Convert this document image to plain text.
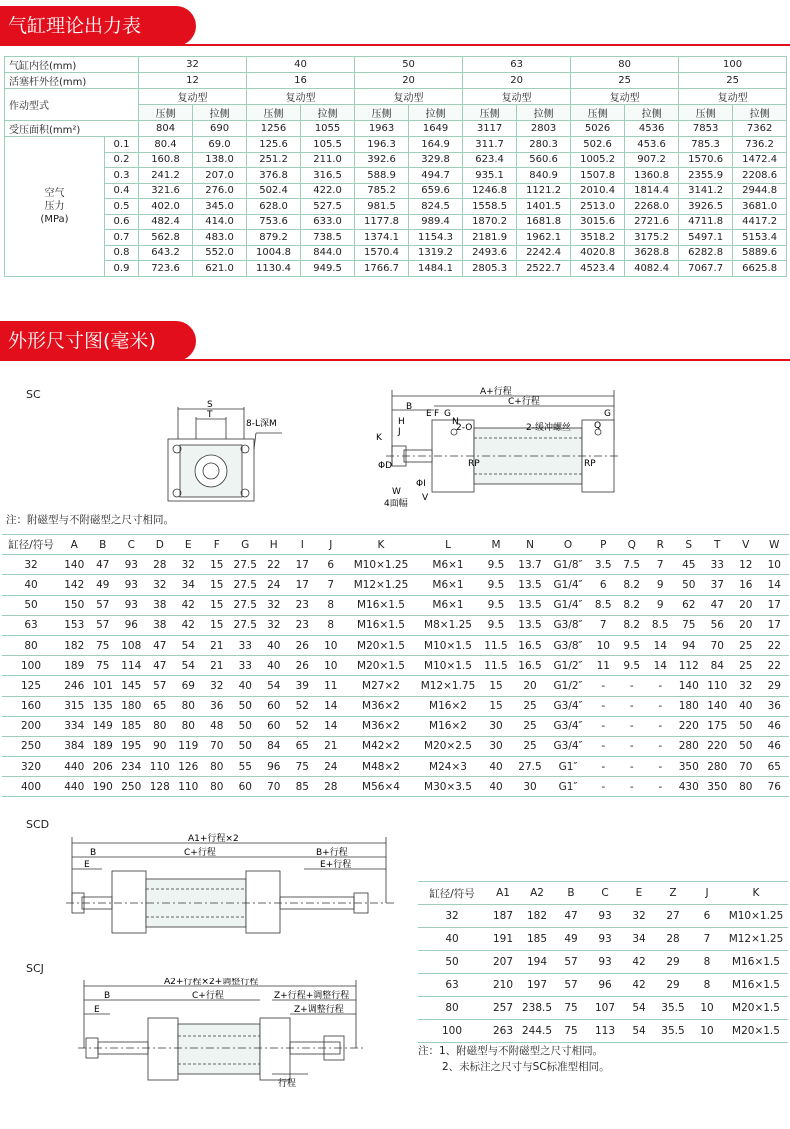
气缸理论出力表
气缸内径(mm)		32		40		50		63		80		100	
活塞杆外径(mm)		12		16		20		20		25		25	
作动型式		复动型		复动型		复动型		复动型		复动型		复动型	
		压侧	拉侧	压侧	拉侧	压侧	拉侧	压侧	拉侧	压侧	拉侧	压侧	拉侧
受压面积(mm²)		804	690	1256	1055	1963	1649	3117	2803	5026	4536	7853	7362
空气
压力
(MPa)	0.1	80.4	69.0	125.6	105.5	196.3	164.9	311.7	280.3	502.6	453.6	785.3	736.2
	0.2	160.8	138.0	251.2	211.0	392.6	329.8	623.4	560.6	1005.2	907.2	1570.6	1472.4
	0.3	241.2	207.0	376.8	316.5	588.9	494.7	935.1	840.9	1507.8	1360.8	2355.9	2208.6
	0.4	321.6	276.0	502.4	422.0	785.2	659.6	1246.8	1121.2	2010.4	1814.4	3141.2	2944.8
	0.5	402.0	345.0	628.0	527.5	981.5	824.5	1558.5	1401.5	2513.0	2268.0	3926.5	3681.0
	0.6	482.4	414.0	753.6	633.0	1177.8	989.4	1870.2	1681.8	3015.6	2721.6	4711.8	4417.2
	0.7	562.8	483.0	879.2	738.5	1374.1	1154.3	2181.9	1962.1	3518.2	3175.2	5497.1	5153.4
	0.8	643.2	552.0	1004.8	844.0	1570.4	1319.2	2493.6	2242.4	4020.8	3628.8	6282.8	5889.6
	0.9	723.6	621.0	1130.4	949.5	1766.7	1484.1	2805.3	2522.7	4523.4	4082.4	7067.7	6625.8
外形尺寸图(毫米)
SC
S
T
8-L深M
A+行程
C+行程
B
E F G	G
H
J
K
2-O
N
2-缓冲螺丝	Q
ΦD
ΦI
RP	RP
W
4面幅
V
注：附磁型与不附磁型之尺寸相同。
缸径/符号	A	B	C	D	E	F	G	H	I	J	K	L	M	N	O	P	Q	R	S	T	V	W
32	140	47	93	28	32	15	27.5	22	17	6	M10×1.25	M6×1	9.5	13.7	G1/8″	3.5	7.5	7	45	33	12	10
40	142	49	93	32	34	15	27.5	24	17	7	M12×1.25	M6×1	9.5	13.5	G1/4″	6	8.2	9	50	37	16	14
50	150	57	93	38	42	15	27.5	32	23	8	M16×1.5	M6×1	9.5	13.5	G1/4″	8.5	8.2	9	62	47	20	17
63	153	57	96	38	42	15	27.5	32	23	8	M16×1.5	M8×1.25	9.5	13.5	G3/8″	7	8.2	8.5	75	56	20	17
80	182	75	108	47	54	21	33	40	26	10	M20×1.5	M10×1.5	11.5	16.5	G3/8″	10	9.5	14	94	70	25	22
100	189	75	114	47	54	21	33	40	26	10	M20×1.5	M10×1.5	11.5	16.5	G1/2″	11	9.5	14	112	84	25	22
125	246	101	145	57	69	32	40	54	39	11	M27×2	M12×1.75	15	20	G1/2″	-	-	-	140	110	32	29
160	315	135	180	65	80	36	50	60	52	14	M36×2	M16×2	15	25	G3/4″	-	-	-	180	140	40	36
200	334	149	185	80	80	48	50	60	52	14	M36×2	M16×2	30	25	G3/4″	-	-	-	220	175	50	46
250	384	189	195	90	119	70	50	84	65	21	M42×2	M20×2.5	30	25	G3/4″	-	-	-	280	220	50	46
320	440	206	234	110	126	80	55	96	75	24	M48×2	M24×3	40	27.5	G1″	-	-	-	350	280	70	65
400	440	190	250	128	110	80	60	70	85	28	M56×4	M30×3.5	40	30	G1″	-	-	-	430	350	80	76
SCD
A1+行程×2
B	C+行程	B+行程
E	E+行程
SCJ
A2+行程×2+调整行程
B	C+行程	Z+行程+调整行程
Z+调整行程
E
行程
缸径/符号	A1	A2	B	C	E	Z	J	K
32	187	182	47	93	32	27	6	M10×1.25
40	191	185	49	93	34	28	7	M12×1.25
50	207	194	57	93	42	29	8	M16×1.5
63	210	197	57	96	42	29	8	M16×1.5
80	257	238.5	75	107	54	35.5	10	M20×1.5
100	263	244.5	75	113	54	35.5	10	M20×1.5
注：1、附磁型与不附磁型之尺寸相同。
2、未标注之尺寸与SC标准型相同。
